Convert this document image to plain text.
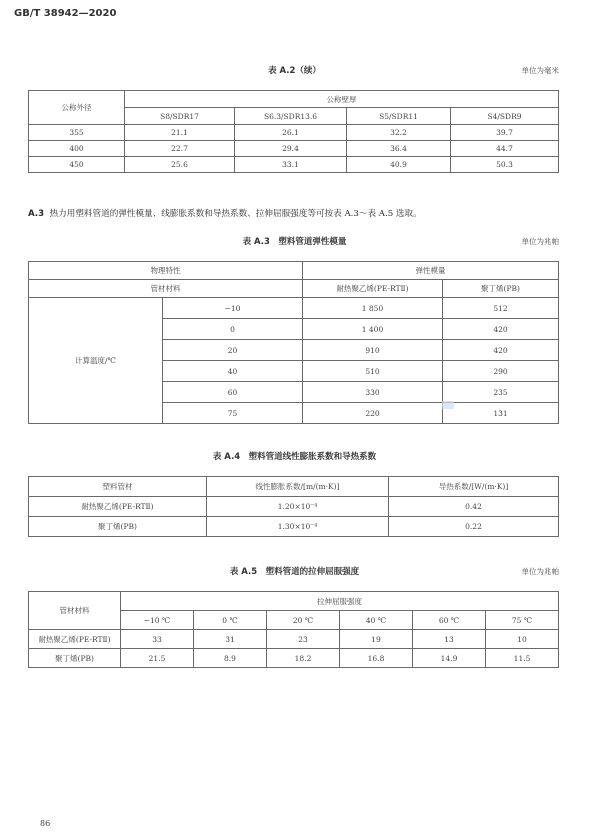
GB/T 38942—2020
表 A.2（续）	单位为毫米
公称外径	公称壁厚			
	S8/SDR17	S6.3/SDR13.6	S5/SDR11	S4/SDR9
355	21.1	26.1	32.2	39.7
400	22.7	29.4	36.4	44.7
450	25.6	33.1	40.9	50.3
A.3 热力用塑料管道的弹性模量、线膨胀系数和导热系数、拉伸屈服强度等可按表 A.3～表 A.5 选取。
表 A.3　塑料管道弹性模量	单位为兆帕
物理特性		弹性模量	
管材材料		耐热聚乙烯(PE-RTⅡ)	聚丁烯(PB)
计算温度/℃	−10	1 850	512
	0	1 400	420
	20	910	420
	40	510	290
	60	330	235
	75	220	131
表 A.4　塑料管道线性膨胀系数和导热系数
塑料管材	线性膨胀系数/[m/(m·K)]	导热系数/[W/(m·K)]
耐热聚乙烯(PE-RTⅡ)	1.20×10⁻⁴	0.42
聚丁烯(PB)	1.30×10⁻⁴	0.22
表 A.5　塑料管道的拉伸屈服强度	单位为兆帕
管材材料	拉伸屈服强度					
	−10 ℃	0 ℃	20 ℃	40 ℃	60 ℃	75 ℃
耐热聚乙烯(PE-RTⅡ)	33	31	23	19	13	10
聚丁烯(PB)	21.5	8.9	18.2	16.8	14.9	11.5
86
